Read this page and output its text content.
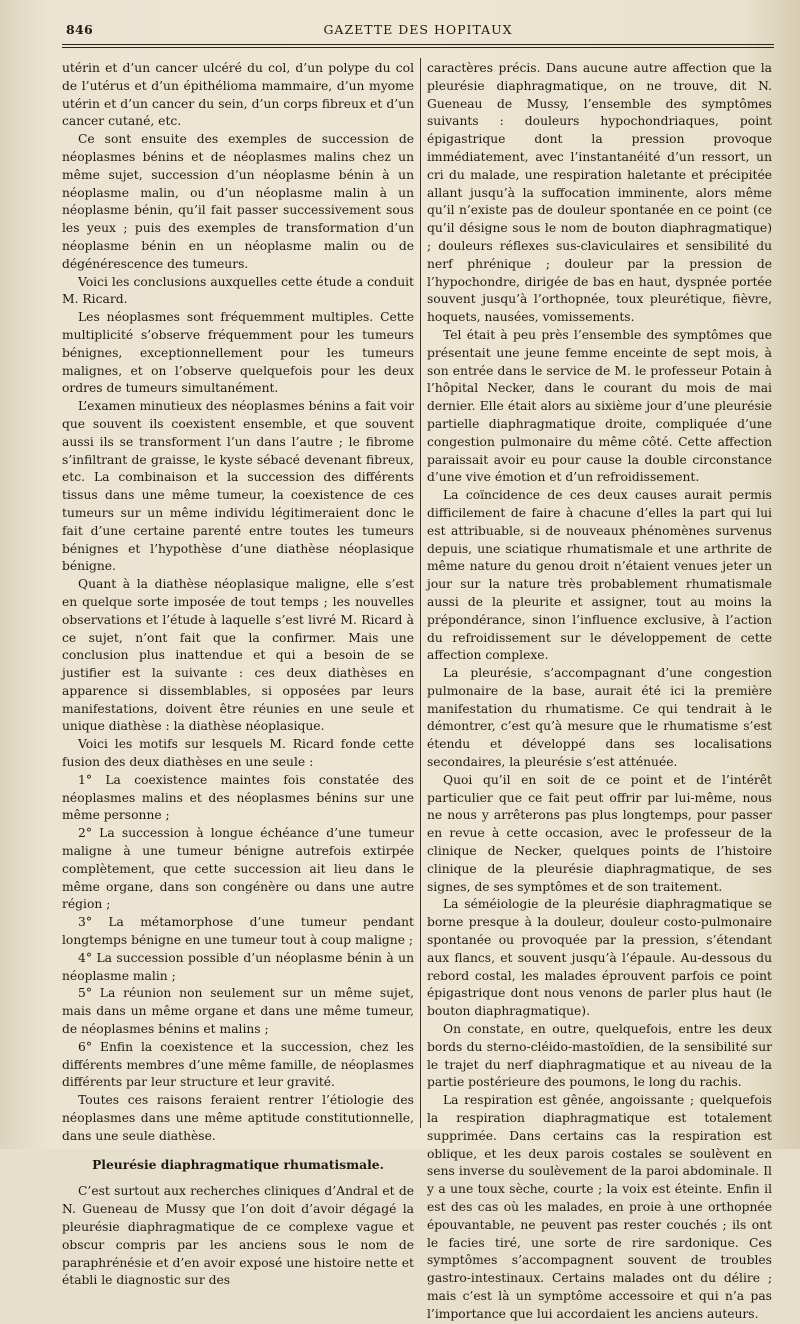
846	GAZETTE DES HOPITAUX

utérin et d’un cancer ulcéré du col, d’un polype du col de l’utérus et d’un épithélioma mammaire, d’un myome utérin et d’un cancer du sein, d’un corps fibreux et d’un cancer cutané, etc.

Ce sont ensuite des exemples de succession de néoplasmes bénins et de néoplasmes malins chez un même sujet, succession d’un néoplasme bénin à un néoplasme malin, ou d’un néoplasme malin à un néoplasme bénin, qu’il fait passer successivement sous les yeux ; puis des exemples de transformation d’un néoplasme bénin en un néoplasme malin ou de dégénérescence des tumeurs.

Voici les conclusions auxquelles cette étude a conduit M. Ricard.

Les néoplasmes sont fréquemment multiples. Cette multiplicité s’observe fréquemment pour les tumeurs bénignes, exceptionnellement pour les tumeurs malignes, et on l’observe quelquefois pour les deux ordres de tumeurs simultanément.

L’examen minutieux des néoplasmes bénins a fait voir que souvent ils coexistent ensemble, et que souvent aussi ils se transforment l’un dans l’autre ; le fibrome s’infiltrant de graisse, le kyste sébacé devenant fibreux, etc. La combinaison et la succession des différents tissus dans une même tumeur, la coexistence de ces tumeurs sur un même individu légitimeraient donc le fait d’une certaine parenté entre toutes les tumeurs bénignes et l’hypothèse d’une diathèse néoplasique bénigne.

Quant à la diathèse néoplasique maligne, elle s’est en quelque sorte imposée de tout temps ; les nouvelles observations et l’étude à laquelle s’est livré M. Ricard à ce sujet, n’ont fait que la confirmer. Mais une conclusion plus inattendue et qui a besoin de se justifier est la suivante : ces deux diathèses en apparence si dissemblables, si opposées par leurs manifestations, doivent être réunies en une seule et unique diathèse : la diathèse néoplasique.

Voici les motifs sur lesquels M. Ricard fonde cette fusion des deux diathèses en une seule :

1° La coexistence maintes fois constatée des néoplasmes malins et des néoplasmes bénins sur une même personne ;

2° La succession à longue échéance d’une tumeur maligne à une tumeur bénigne autrefois extirpée complètement, que cette succession ait lieu dans le même organe, dans son congénère ou dans une autre région ;

3° La métamorphose d’une tumeur pendant longtemps bénigne en une tumeur tout à coup maligne ;

4° La succession possible d’un néoplasme bénin à un néoplasme malin ;

5° La réunion non seulement sur un même sujet, mais dans un même organe et dans une même tumeur, de néoplasmes bénins et malins ;

6° Enfin la coexistence et la succession, chez les différents membres d’une même famille, de néoplasmes différents par leur structure et leur gravité.

Toutes ces raisons feraient rentrer l’étiologie des néoplasmes dans une même aptitude constitutionnelle, dans une seule diathèse.

Pleurésie diaphragmatique rhumatismale.

C’est surtout aux recherches cliniques d’Andral et de N. Gueneau de Mussy que l’on doit d’avoir dégagé la pleurésie diaphragmatique de ce complexe vague et obscur compris par les anciens sous le nom de paraphrénésie et d’en avoir exposé une histoire nette et établi le diagnostic sur des

caractères précis. Dans aucune autre affection que la pleurésie diaphragmatique, on ne trouve, dit N. Gueneau de Mussy, l’ensemble des symptômes suivants : douleurs hypochondriaques, point épigastrique dont la pression provoque immédiatement, avec l’instantanéité d’un ressort, un cri du malade, une respiration haletante et précipitée allant jusqu’à la suffocation imminente, alors même qu’il n’existe pas de douleur spontanée en ce point (ce qu’il désigne sous le nom de bouton diaphragmatique) ; douleurs réflexes sus-claviculaires et sensibilité du nerf phrénique ; douleur par la pression de l’hypochondre, dirigée de bas en haut, dyspnée portée souvent jusqu’à l’orthopnée, toux pleurétique, fièvre, hoquets, nausées, vomissements.

Tel était à peu près l’ensemble des symptômes que présentait une jeune femme enceinte de sept mois, à son entrée dans le service de M. le professeur Potain à l’hôpital Necker, dans le courant du mois de mai dernier. Elle était alors au sixième jour d’une pleurésie partielle diaphragmatique droite, compliquée d’une congestion pulmonaire du même côté. Cette affection paraissait avoir eu pour cause la double circonstance d’une vive émotion et d’un refroidissement.

La coïncidence de ces deux causes aurait permis difficilement de faire à chacune d’elles la part qui lui est attribuable, si de nouveaux phénomènes survenus depuis, une sciatique rhumatismale et une arthrite de même nature du genou droit n’étaient venues jeter un jour sur la nature très probablement rhumatismale aussi de la pleurite et assigner, tout au moins la prépondérance, sinon l’influence exclusive, à l’action du refroidissement sur le développement de cette affection complexe.

La pleurésie, s’accompagnant d’une congestion pulmonaire de la base, aurait été ici la première manifestation du rhumatisme. Ce qui tendrait à le démontrer, c’est qu’à mesure que le rhumatisme s’est étendu et développé dans ses localisations secondaires, la pleurésie s’est atténuée.

Quoi qu’il en soit de ce point et de l’intérêt particulier que ce fait peut offrir par lui-même, nous ne nous y arrêterons pas plus longtemps, pour passer en revue à cette occasion, avec le professeur de la clinique de Necker, quelques points de l’histoire clinique de la pleurésie diaphragmatique, de ses signes, de ses symptômes et de son traitement.

La séméiologie de la pleurésie diaphragmatique se borne presque à la douleur, douleur costo-pulmonaire spontanée ou provoquée par la pression, s’étendant aux flancs, et souvent jusqu’à l’épaule. Au-dessous du rebord costal, les malades éprouvent parfois ce point épigastrique dont nous venons de parler plus haut (le bouton diaphragmatique).

On constate, en outre, quelquefois, entre les deux bords du sterno-cléido-mastoïdien, de la sensibilité sur le trajet du nerf diaphragmatique et au niveau de la partie postérieure des poumons, le long du rachis.

La respiration est gênée, angoissante ; quelquefois la respiration diaphragmatique est totalement supprimée. Dans certains cas la respiration est oblique, et les deux parois costales se soulèvent en sens inverse du soulèvement de la paroi abdominale. Il y a une toux sèche, courte ; la voix est éteinte. Enfin il est des cas où les malades, en proie à une orthopnée épouvantable, ne peuvent pas rester couchés ; ils ont le facies tiré, une sorte de rire sardonique. Ces symptômes s’accompagnent souvent de troubles gastro-intestinaux. Certains malades ont du délire ; mais c’est là un symptôme accessoire et qui n’a pas l’importance que lui accordaient les anciens auteurs.
